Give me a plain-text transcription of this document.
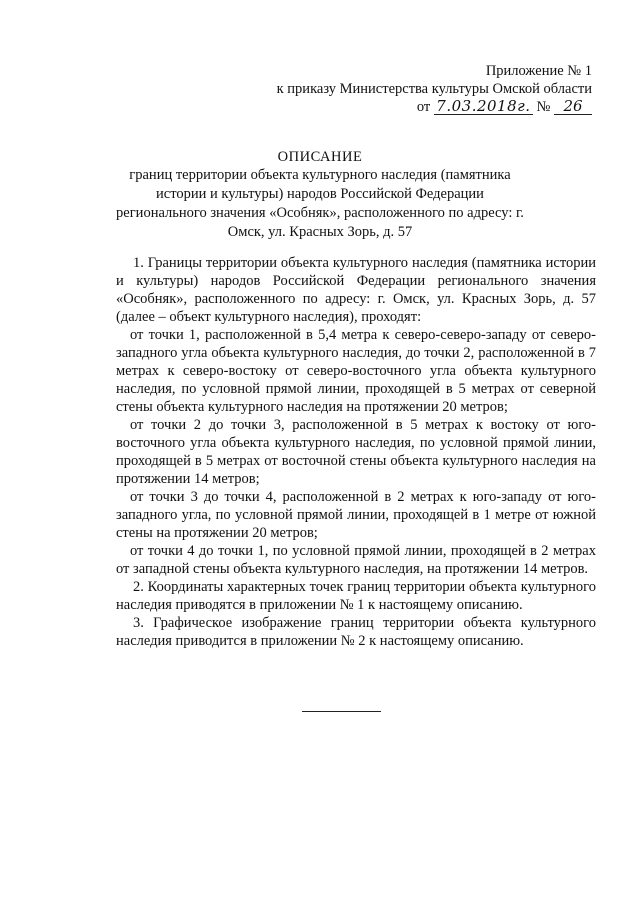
Приложение № 1
к приказу Министерства культуры Омской области
от 7.03.2018г. № 26
ОПИСАНИЕ
границ территории объекта культурного наследия (памятника истории и культуры) народов Российской Федерации регионального значения «Особняк», расположенного по адресу: г. Омск, ул. Красных Зорь, д. 57

1. Границы территории объекта культурного наследия (памятника истории и культуры) народов Российской Федерации регионального значения «Особняк», расположенного по адресу: г. Омск, ул. Красных Зорь, д. 57 (далее – объект культурного наследия), проходят:

от точки 1, расположенной в 5,4 метра к северо-северо-западу от северо-западного угла объекта культурного наследия, до точки 2, расположенной в 7 метрах к северо-востоку от северо-восточного угла объекта культурного наследия, по условной прямой линии, проходящей в 5 метрах от северной стены объекта культурного наследия на протяжении 20 метров;

от точки 2 до точки 3, расположенной в 5 метрах к востоку от юго-восточного угла объекта культурного наследия, по условной прямой линии, проходящей в 5 метрах от восточной стены объекта культурного наследия на протяжении 14 метров;

от точки 3 до точки 4, расположенной в 2 метрах к юго-западу от юго-западного угла, по условной прямой линии, проходящей в 1 метре от южной стены на протяжении 20 метров;

от точки 4 до точки 1, по условной прямой линии, проходящей в 2 метрах от западной стены объекта культурного наследия, на протяжении 14 метров.

2. Координаты характерных точек границ территории объекта культурного наследия приводятся в приложении № 1 к настоящему описанию.

3. Графическое изображение границ территории объекта культурного наследия приводится в приложении № 2 к настоящему описанию.
